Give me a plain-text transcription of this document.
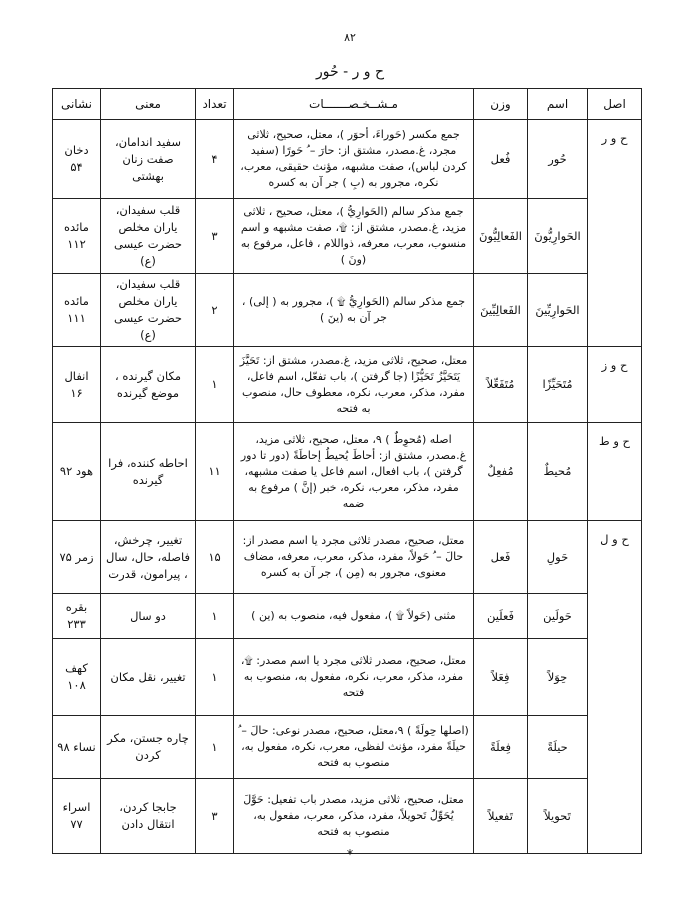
۸۲
ح و ر - حُور
اصل	اسم	وزن	مـشــخـصـــــــات	تعداد	معنی	نشانی
ح و ر	حُور	فُعل	جمع مكسر (حَوراءَ، أحوَر )، معتل، صحيح، ثلاثى مجرد، غ.مصدر، مشتق از: حارَ – ُ حَورًا (سفيد كردن لباس)، صفت مشبهه، مؤنث حقيقى، معرب، نكره، مجرور به (بِ ) جر آن به كسره	۴	سفيد اندامان، صفت زنان بهشتى	دخان ۵۴
	الحَوارِيُّونَ	الفَعالِيُّونَ	جمع مذكر سالم (الحَوارِيُّ )، معتل، صحيح ، ثلاثى مزيد، غ.مصدر، مشتق از: ۩، صفت مشبهه و اسم منسوب، معرب، معرفه، ذواللام ، فاعل، مرفوع به (ونَ )	۳	قلب سفيدان، ياران مخلص حضرت عيسى (ع)	مائده ۱۱۲
	الحَوارِيِّينَ	الفَعالِيِّينَ	جمع مذكر سالم (الحَوارِيُّ ۩ )، مجرور به ( إلى) ، جر آن به (ينَ )	۲	قلب سفيدان، ياران مخلص حضرت عيسى (ع)	مائده ۱۱۱
ح و ز	مُتَحَيِّزًا	مُتَفَعِّلاً	معتل، صحيح، ثلاثى مزيد، غ.مصدر، مشتق از: تَحَيَّزَ يَتَحَيَّزُ تَحَيُّزًا (جا گرفتن )، باب تفعّل، اسم فاعل، مفرد، مذكر، معرب، نكره، معطوف حال، منصوب به فتحه	۱	مكان گيرنده ، موضع گيرنده	انفال ۱۶
ح و ط	مُحيطٌ	مُفعِلٌ	اصله (مُحوِطٌ ) ۹، معتل، صحيح، ثلاثى مزيد، غ.مصدر، مشتق از: أحاطَ يُحيطُ إحاطَةً (دور تا دور گرفتن )، باب افعال، اسم فاعل يا صفت مشبهه، مفرد، مذكر، معرب، نكره، خبر (إنَّ ) مرفوع به ضمه	۱۱	احاطه كننده، فرا گيرنده	هود ۹۲
ح و ل	حَولِ	فَعل	معتل، صحيح، مصدر ثلاثى مجرد يا اسم مصدر از: حالَ – ُ حَولاً، مفرد، مذكر، معرب، معرفه، مضاف معنوى، مجرور به (مِن )، جر آن به كسره	۱۵	تغيير، چرخش، فاصله، حال، سال ، پيرامون، قدرت	زمر ۷۵
	حَولَين	فَعلَين	مثنى (حَولاً ۩ )، مفعول فيه، منصوب به (ين )	۱	دو سال	بقره ۲۳۳
	حِوَلاً	فِعَلاً	معتل، صحيح، مصدر ثلاثى مجرد يا اسم مصدر: ۩، مفرد، مذكر، معرب، نكره، مفعول به، منصوب به فتحه	۱	تغيير، نقل مكان	كهف ۱۰۸
	حيلَةً	فِعلَةً	(اصلها حِولَةً ) ۹،معتل، صحيح، مصدر نوعى: حالَ – ُ حيلَةً مفرد، مؤنث لفظى، معرب، نكره، مفعول به، منصوب به فتحه	۱	چاره جستن، مكر كردن	نساء ۹۸
	تَحويلاً	تَفعيلاً	معتل، صحيح، ثلاثى مزيد، مصدر باب تفعيل: حَوَّلَ يُحَوِّلُ تَحويلاً، مفرد، مذكر، معرب، مفعول به، منصوب به فتحه	۳	جابجا كردن، انتقال دادن	اسراء ۷۷
*
